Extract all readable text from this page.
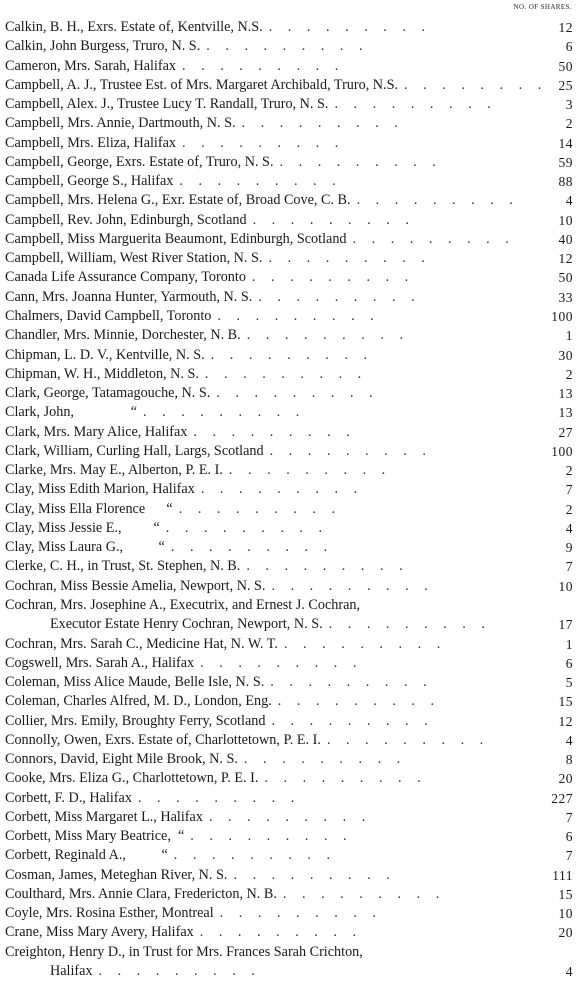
NO. OF SHARES.
Calkin, B. H., Exrs. Estate of, Kentville, N.S. . . . . . . . . .	12
Calkin, John Burgess, Truro, N. S. . . . . . . . . .	6
Cameron, Mrs. Sarah, Halifax . . . . . . . . .	50
Campbell, A. J., Trustee Est. of Mrs. Margaret Archibald, Truro, N.S. . . . . . . . . 25
Campbell, Alex. J., Trustee Lucy T. Randall, Truro, N. S. . . . . . . . . .	3
Campbell, Mrs. Annie, Dartmouth, N. S. . . . . . . . . .	2
Campbell, Mrs. Eliza, Halifax . . . . . . . . .	14
Campbell, George, Exrs. Estate of, Truro, N. S. . . . . . . . . .	59
Campbell, George S., Halifax . . . . . . . . .	88
Campbell, Mrs. Helena G., Exr. Estate of, Broad Cove, C. B. . . . . . . . . .	4
Campbell, Rev. John, Edinburgh, Scotland . . . . . . . . .	10
Campbell, Miss Marguerita Beaumont, Edinburgh, Scotland . . . . . . . . .	40
Campbell, William, West River Station, N. S. . . . . . . . . .	12
Canada Life Assurance Company, Toronto . . . . . . . . .	50
Cann, Mrs. Joanna Hunter, Yarmouth, N. S. . . . . . . . . .	33
Chalmers, David Campbell, Toronto . . . . . . . . .	100
Chandler, Mrs. Minnie, Dorchester, N. B. . . . . . . . . .	1
Chipman, L. D. V., Kentville, N. S. . . . . . . . . .	30
Chipman, W. H., Middleton, N. S. . . . . . . . . .	2
Clark, George, Tatamagouche, N. S. . . . . . . . . .	13
Clark, John,                “ . . . . . . . . .	13
Clark, Mrs. Mary Alice, Halifax . . . . . . . . .	27
Clark, William, Curling Hall, Largs, Scotland . . . . . . . . .	100
Clarke, Mrs. May E., Alberton, P. E. I. . . . . . . . . .	2
Clay, Miss Edith Marion, Halifax . . . . . . . . .	7
Clay, Miss Ella Florence      “ . . . . . . . . .	2
Clay, Miss Jessie E.,         “ . . . . . . . . .	4
Clay, Miss Laura G.,          “ . . . . . . . . .	9
Clerke, C. H., in Trust, St. Stephen, N. B. . . . . . . . . .	7
Cochran, Miss Bessie Amelia, Newport, N. S. . . . . . . . . .	10
Cochran, Mrs. Josephine A., Executrix, and Ernest J. Cochran,
Executor Estate Henry Cochran, Newport, N. S. . . . . . . . . .	17
Cochran, Mrs. Sarah C., Medicine Hat, N. W. T. . . . . . . . . .	1
Cogswell, Mrs. Sarah A., Halifax . . . . . . . . .	6
Coleman, Miss Alice Maude, Belle Isle, N. S. . . . . . . . . .	5
Coleman, Charles Alfred, M. D., London, Eng. . . . . . . . . .	15
Collier, Mrs. Emily, Broughty Ferry, Scotland . . . . . . . . .	12
Connolly, Owen, Exrs. Estate of, Charlottetown, P. E. I. . . . . . . . . .	4
Connors, David, Eight Mile Brook, N. S. . . . . . . . . .	8
Cooke, Mrs. Eliza G., Charlottetown, P. E. I. . . . . . . . . .	20
Corbett, F. D., Halifax . . . . . . . . .	227
Corbett, Miss Margaret L., Halifax . . . . . . . . .	7
Corbett, Miss Mary Beatrice,  “ . . . . . . . . .	6
Corbett, Reginald A.,          “ . . . . . . . . .	7
Cosman, James, Meteghan River, N. S. . . . . . . . . .	111
Coulthard, Mrs. Annie Clara, Fredericton, N. B. . . . . . . . . .	15
Coyle, Mrs. Rosina Esther, Montreal . . . . . . . . .	10
Crane, Miss Mary Avery, Halifax . . . . . . . . .	20
Creighton, Henry D., in Trust for Mrs. Frances Sarah Crichton,
Halifax . . . . . . . . .	4
